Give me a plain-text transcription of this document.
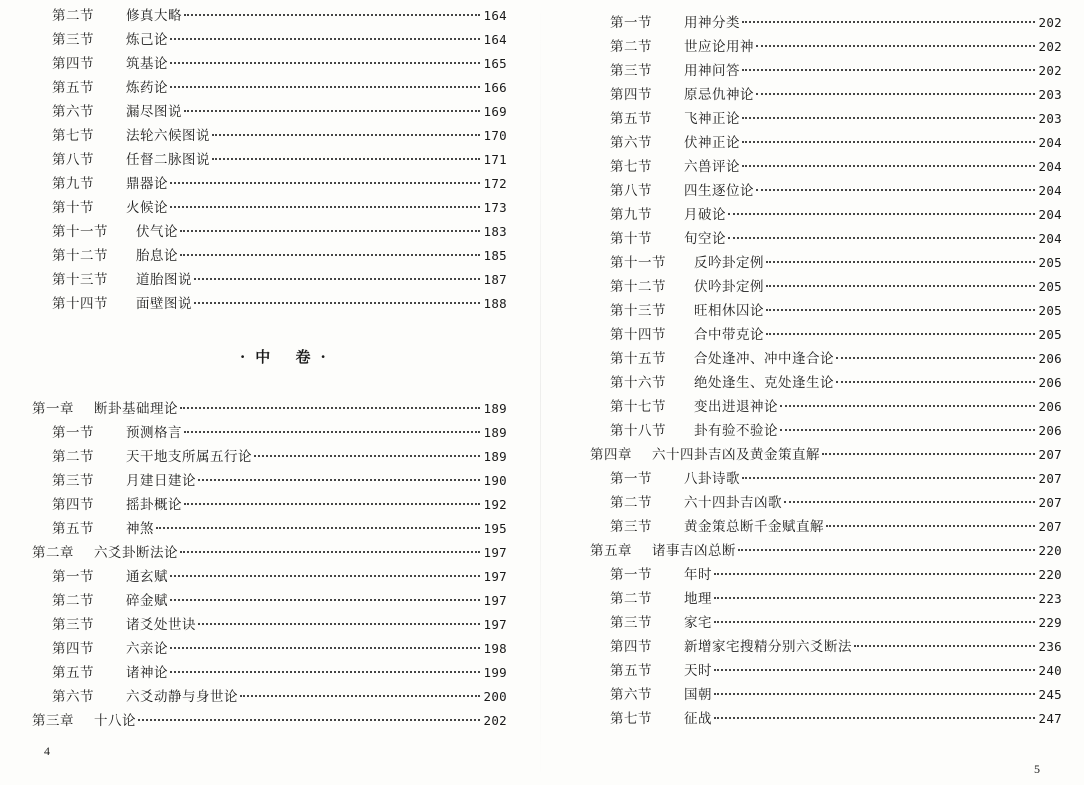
第二节	修真大略	164
第三节	炼己论	164
第四节	筑基论	165
第五节	炼药论	166
第六节	漏尽图说	169
第七节	法轮六候图说	170
第八节	任督二脉图说	171
第九节	鼎器论	172
第十节	火候论	173
第十一节	伏气论	183
第十二节	胎息论	185
第十三节	道胎图说	187
第十四节	面壁图说	188
·中 卷·
第一章	断卦基础理论	189
第一节	预测格言	189
第二节	天干地支所属五行论	189
第三节	月建日建论	190
第四节	摇卦概论	192
第五节	神煞	195
第二章	六爻卦断法论	197
第一节	通玄赋	197
第二节	碎金赋	197
第三节	诸爻处世诀	197
第四节	六亲论	198
第五节	诸神论	199
第六节	六爻动静与身世论	200
第三章	十八论	202
第一节	用神分类	202
第二节	世应论用神	202
第三节	用神问答	202
第四节	原忌仇神论	203
第五节	飞神正论	203
第六节	伏神正论	204
第七节	六兽评论	204
第八节	四生逐位论	204
第九节	月破论	204
第十节	旬空论	204
第十一节	反吟卦定例	205
第十二节	伏吟卦定例	205
第十三节	旺相休囚论	205
第十四节	合中带克论	205
第十五节	合处逢冲、冲中逢合论	206
第十六节	绝处逢生、克处逢生论	206
第十七节	变出进退神论	206
第十八节	卦有验不验论	206
第四章	六十四卦吉凶及黄金策直解	207
第一节	八卦诗歌	207
第二节	六十四卦吉凶歌	207
第三节	黄金策总断千金赋直解	207
第五章	诸事吉凶总断	220
第一节	年时	220
第二节	地理	223
第三节	家宅	229
第四节	新增家宅搜精分别六爻断法	236
第五节	天时	240
第六节	国朝	245
第七节	征战	247
4
5
